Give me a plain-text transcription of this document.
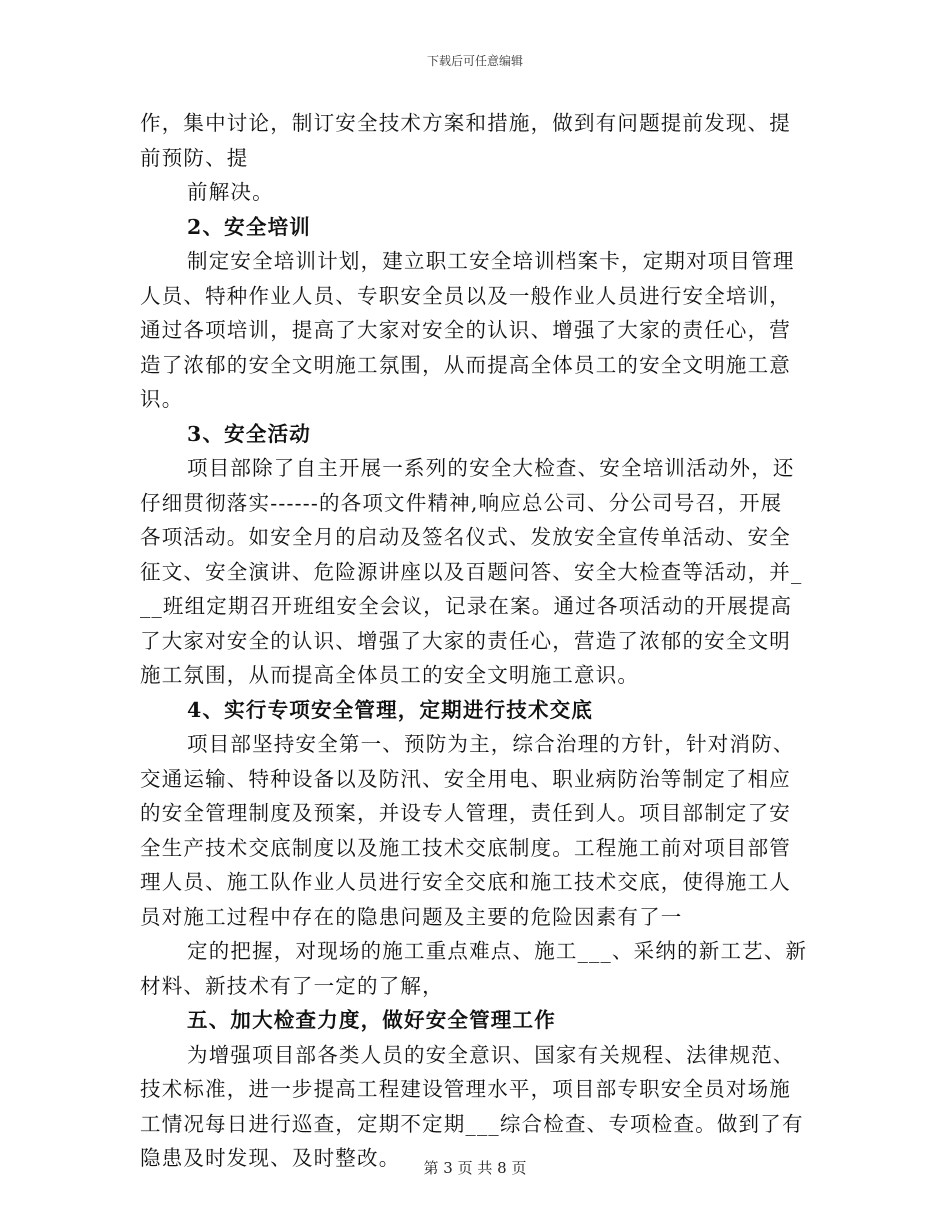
下载后可任意编辑
作，集中讨论，制订安全技术方案和措施，做到有问题提前发现、提
前预防、提
前解决。
2、安全培训
制定安全培训计划，建立职工安全培训档案卡，定期对项目管理
人员、特种作业人员、专职安全员以及一般作业人员进行安全培训，
通过各项培训，提高了大家对安全的认识、增强了大家的责任心，营
造了浓郁的安全文明施工氛围，从而提高全体员工的安全文明施工意
识。
3、安全活动
项目部除了自主开展一系列的安全大检查、安全培训活动外，还
仔细贯彻落实------的各项文件精神,响应总公司、分公司号召，开展
各项活动。如安全月的启动及签名仪式、发放安全宣传单活动、安全
征文、安全演讲、危险源讲座以及百题问答、安全大检查等活动，并_
__班组定期召开班组安全会议，记录在案。通过各项活动的开展提高
了大家对安全的认识、增强了大家的责任心，营造了浓郁的安全文明
施工氛围，从而提高全体员工的安全文明施工意识。
4、实行专项安全管理，定期进行技术交底
项目部坚持安全第一、预防为主，综合治理的方针，针对消防、
交通运输、特种设备以及防汛、安全用电、职业病防治等制定了相应
的安全管理制度及预案，并设专人管理，责任到人。项目部制定了安
全生产技术交底制度以及施工技术交底制度。工程施工前对项目部管
理人员、施工队作业人员进行安全交底和施工技术交底，使得施工人
员对施工过程中存在的隐患问题及主要的危险因素有了一
定的把握，对现场的施工重点难点、施工___、采纳的新工艺、新
材料、新技术有了一定的了解，
五、加大检查力度，做好安全管理工作
为增强项目部各类人员的安全意识、国家有关规程、法律规范、
技术标准，进一步提高工程建设管理水平，项目部专职安全员对场施
工情况每日进行巡查，定期不定期___综合检查、专项检查。做到了有
隐患及时发现、及时整改。	第 3 页 共 8 页
